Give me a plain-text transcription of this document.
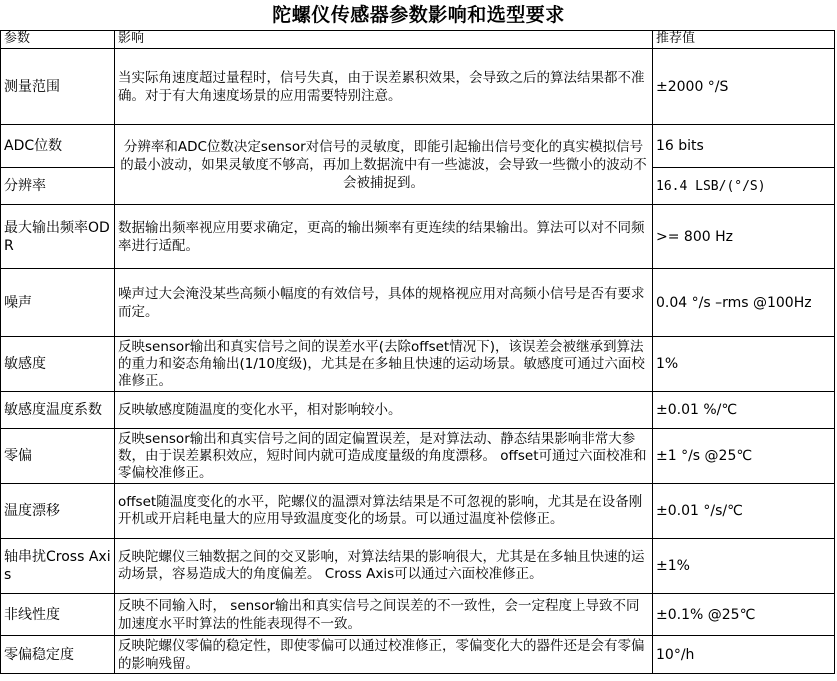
陀螺仪传感器参数影响和选型要求
参数	影响	推荐值
测量范围	当实际角速度超过量程时，信号失真，由于误差累积效果，会导致之后的算法结果都不准确。对于有大角速度场景的应用需要特别注意。	±2000 °/S
ADC位数	分辨率和ADC位数决定sensor对信号的灵敏度，即能引起输出信号变化的真实模拟信号的最小波动，如果灵敏度不够高，再加上数据流中有一些滤波，会导致一些微小的波动不会被捕捉到。	16 bits
分辨率		16.4 LSB/(°/S)
最大输出频率ODR	数据输出频率视应用要求确定，更高的输出频率有更连续的结果输出。算法可以对不同频率进行适配。	>= 800 Hz
噪声	噪声过大会淹没某些高频小幅度的有效信号，具体的规格视应用对高频小信号是否有要求而定。	0.04 °/s –rms @100Hz
敏感度	反映sensor输出和真实信号之间的误差水平(去除offset情况下)，该误差会被继承到算法的重力和姿态角输出(1/10度级)，尤其是在多轴且快速的运动场景。敏感度可通过六面校准修正。	1%
敏感度温度系数	反映敏感度随温度的变化水平，相对影响较小。	±0.01 %/℃
零偏	反映sensor输出和真实信号之间的固定偏置误差，是对算法动、静态结果影响非常大参数，由于误差累积效应，短时间内就可造成度量级的角度漂移。 offset可通过六面校准和零偏校准修正。	±1 °/s @25℃
温度漂移	offset随温度变化的水平，陀螺仪的温漂对算法结果是不可忽视的影响，尤其是在设备刚开机或开启耗电量大的应用导致温度变化的场景。可以通过温度补偿修正。	±0.01 °/s/℃
轴串扰Cross Axis	反映陀螺仪三轴数据之间的交叉影响，对算法结果的影响很大，尤其是在多轴且快速的运动场景，容易造成大的角度偏差。 Cross Axis可以通过六面校准修正。	±1%
非线性度	反映不同输入时， sensor输出和真实信号之间误差的不一致性，会一定程度上导致不同加速度水平时算法的性能表现得不一致。	±0.1% @25℃
零偏稳定度	反映陀螺仪零偏的稳定性，即使零偏可以通过校准修正，零偏变化大的器件还是会有零偏的影响残留。	10°/h
